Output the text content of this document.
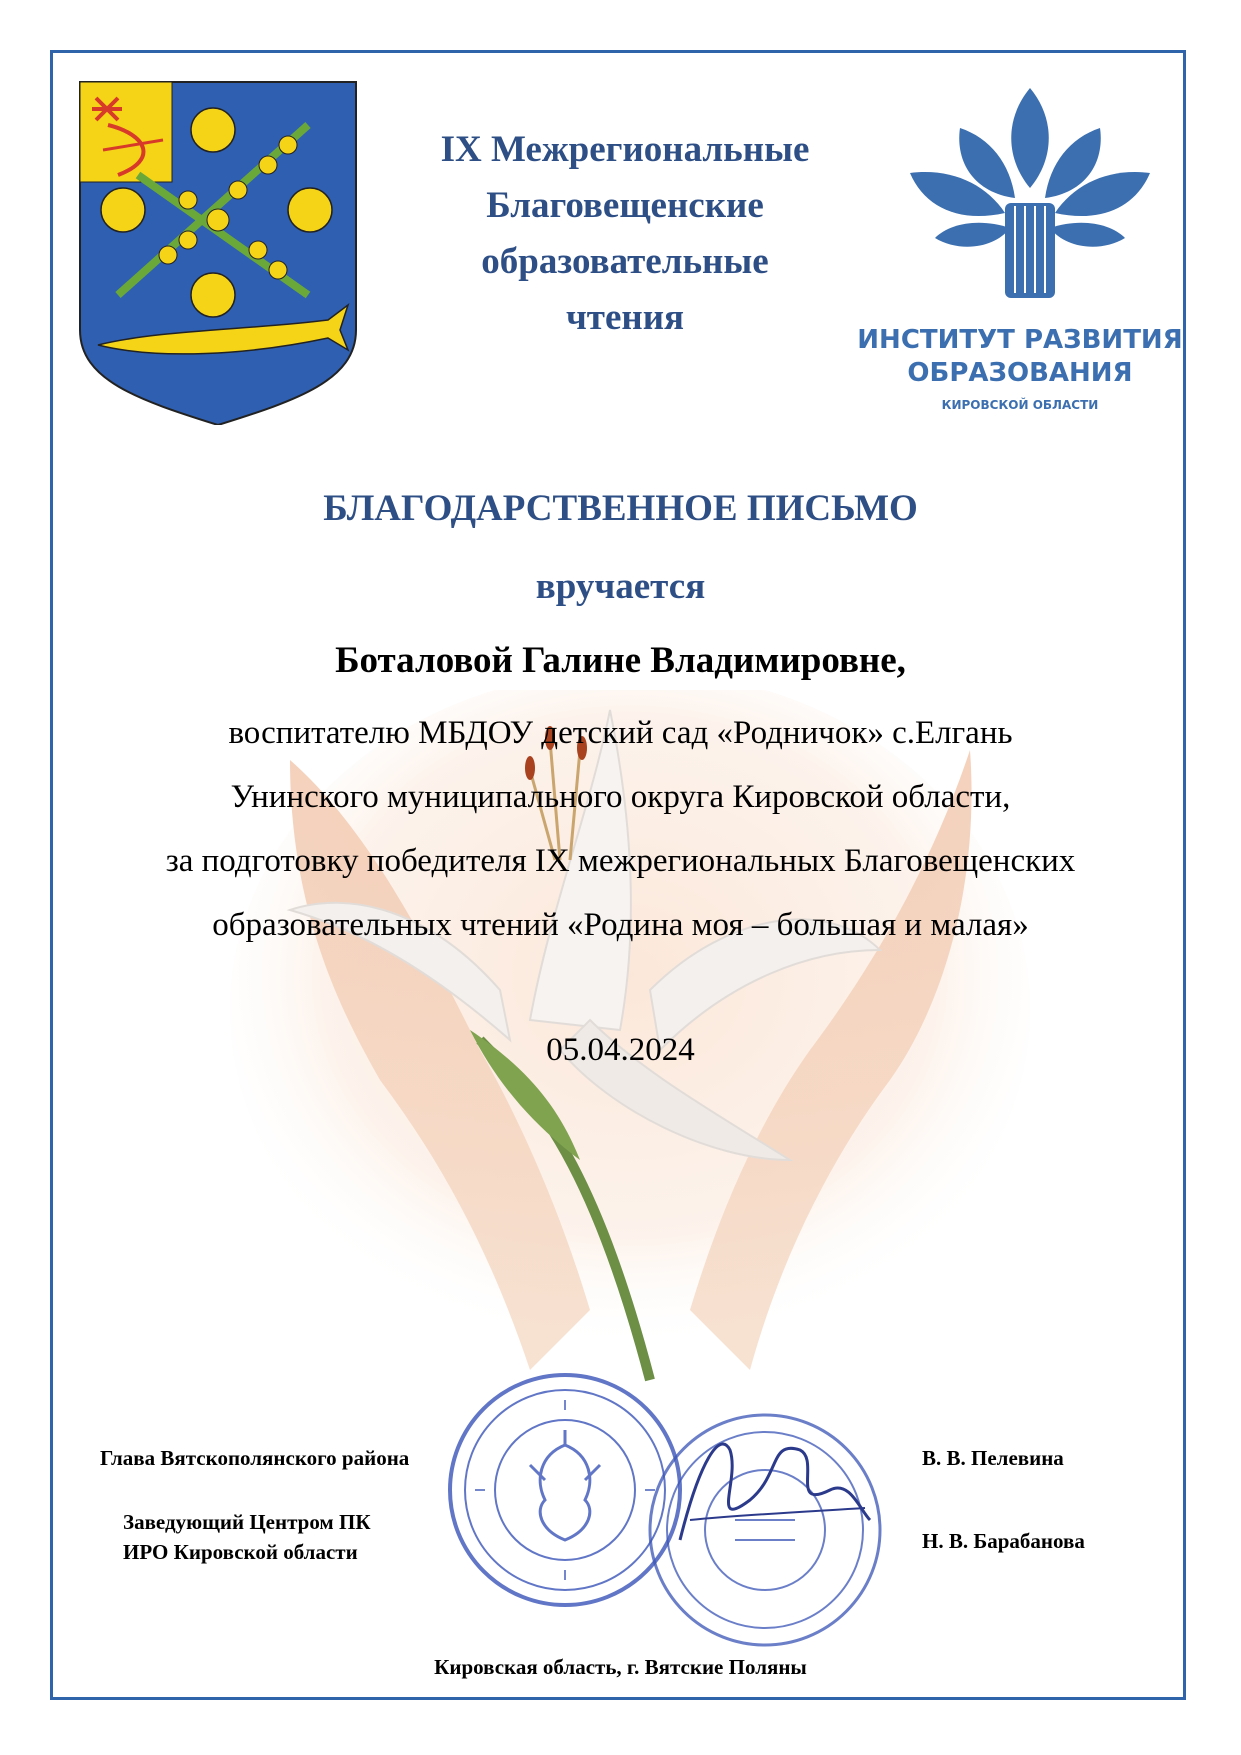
IX Межрегиональные
Благовещенские
образовательные
чтения
ИНСТИТУТ РАЗВИТИЯ
ОБРАЗОВАНИЯ
КИРОВСКОЙ ОБЛАСТИ
БЛАГОДАРСТВЕННОЕ ПИСЬМО
вручается
Боталовой Галине Владимировне,
воспитателю МБДОУ детский сад «Родничок» с.Елгань
Унинского муниципального округа Кировской области,
за подготовку победителя IX межрегиональных Благовещенских
образовательных чтений «Родина моя – большая и малая»
05.04.2024
Глава Вятскополянского района	В. В. Пелевина
Заведующий Центром ПК
ИРО Кировской области	Н. В. Барабанова
Кировская область, г. Вятские Поляны
